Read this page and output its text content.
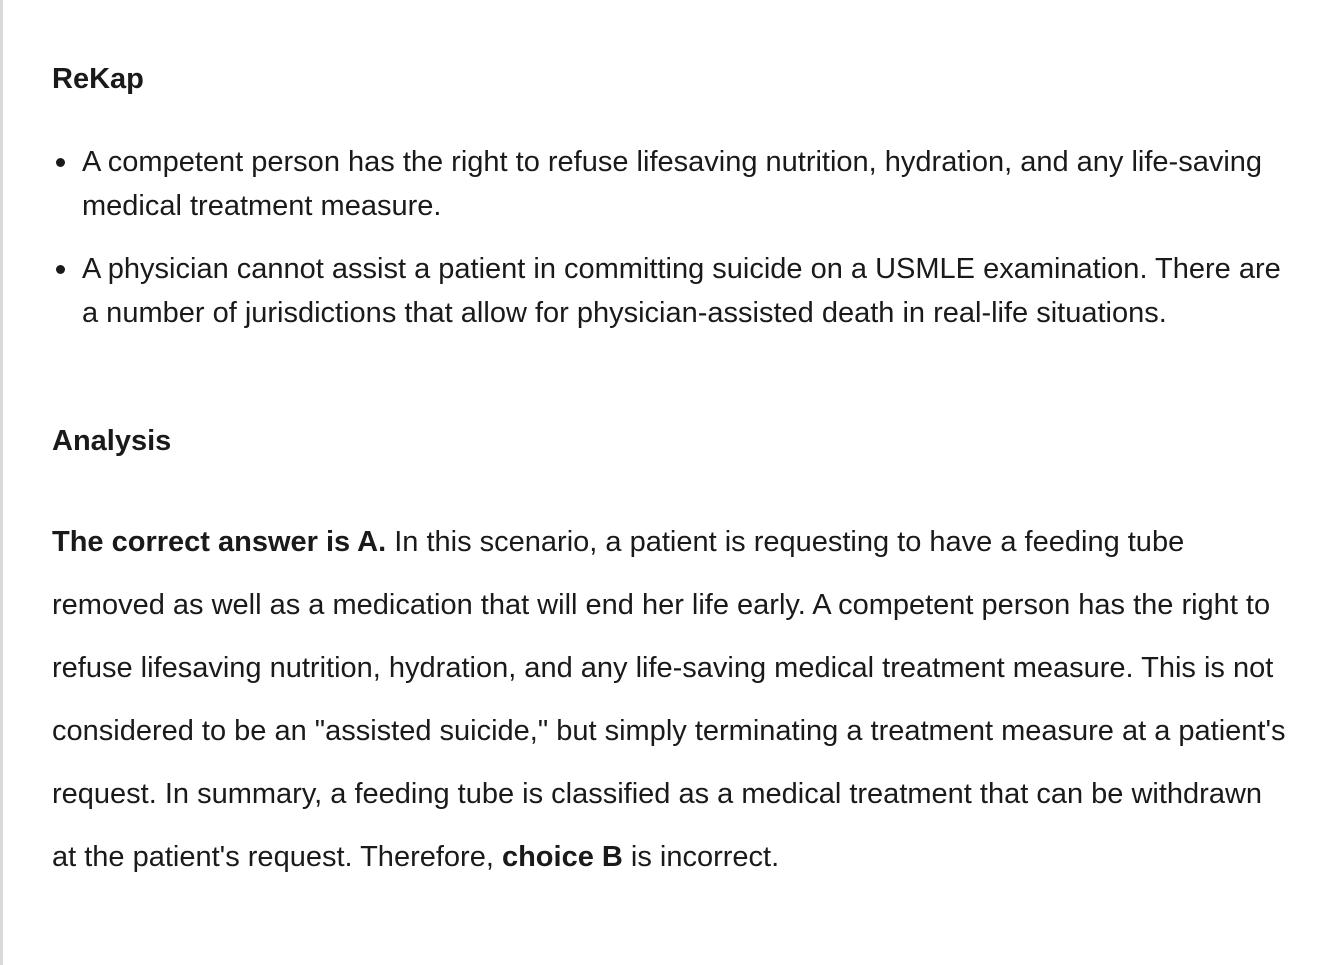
ReKap
A competent person has the right to refuse lifesaving nutrition, hydration, and any life-saving medical treatment measure.
A physician cannot assist a patient in committing suicide on a USMLE examination. There are a number of jurisdictions that allow for physician-assisted death in real-life situations.
Analysis

The correct answer is A. In this scenario, a patient is requesting to have a feeding tube removed as well as a medication that will end her life early. A competent person has the right to refuse lifesaving nutrition, hydration, and any life-saving medical treatment measure. This is not considered to be an "assisted suicide," but simply terminating a treatment measure at a patient's request. In summary, a feeding tube is classified as a medical treatment that can be withdrawn at the patient's request. Therefore, choice B is incorrect.
